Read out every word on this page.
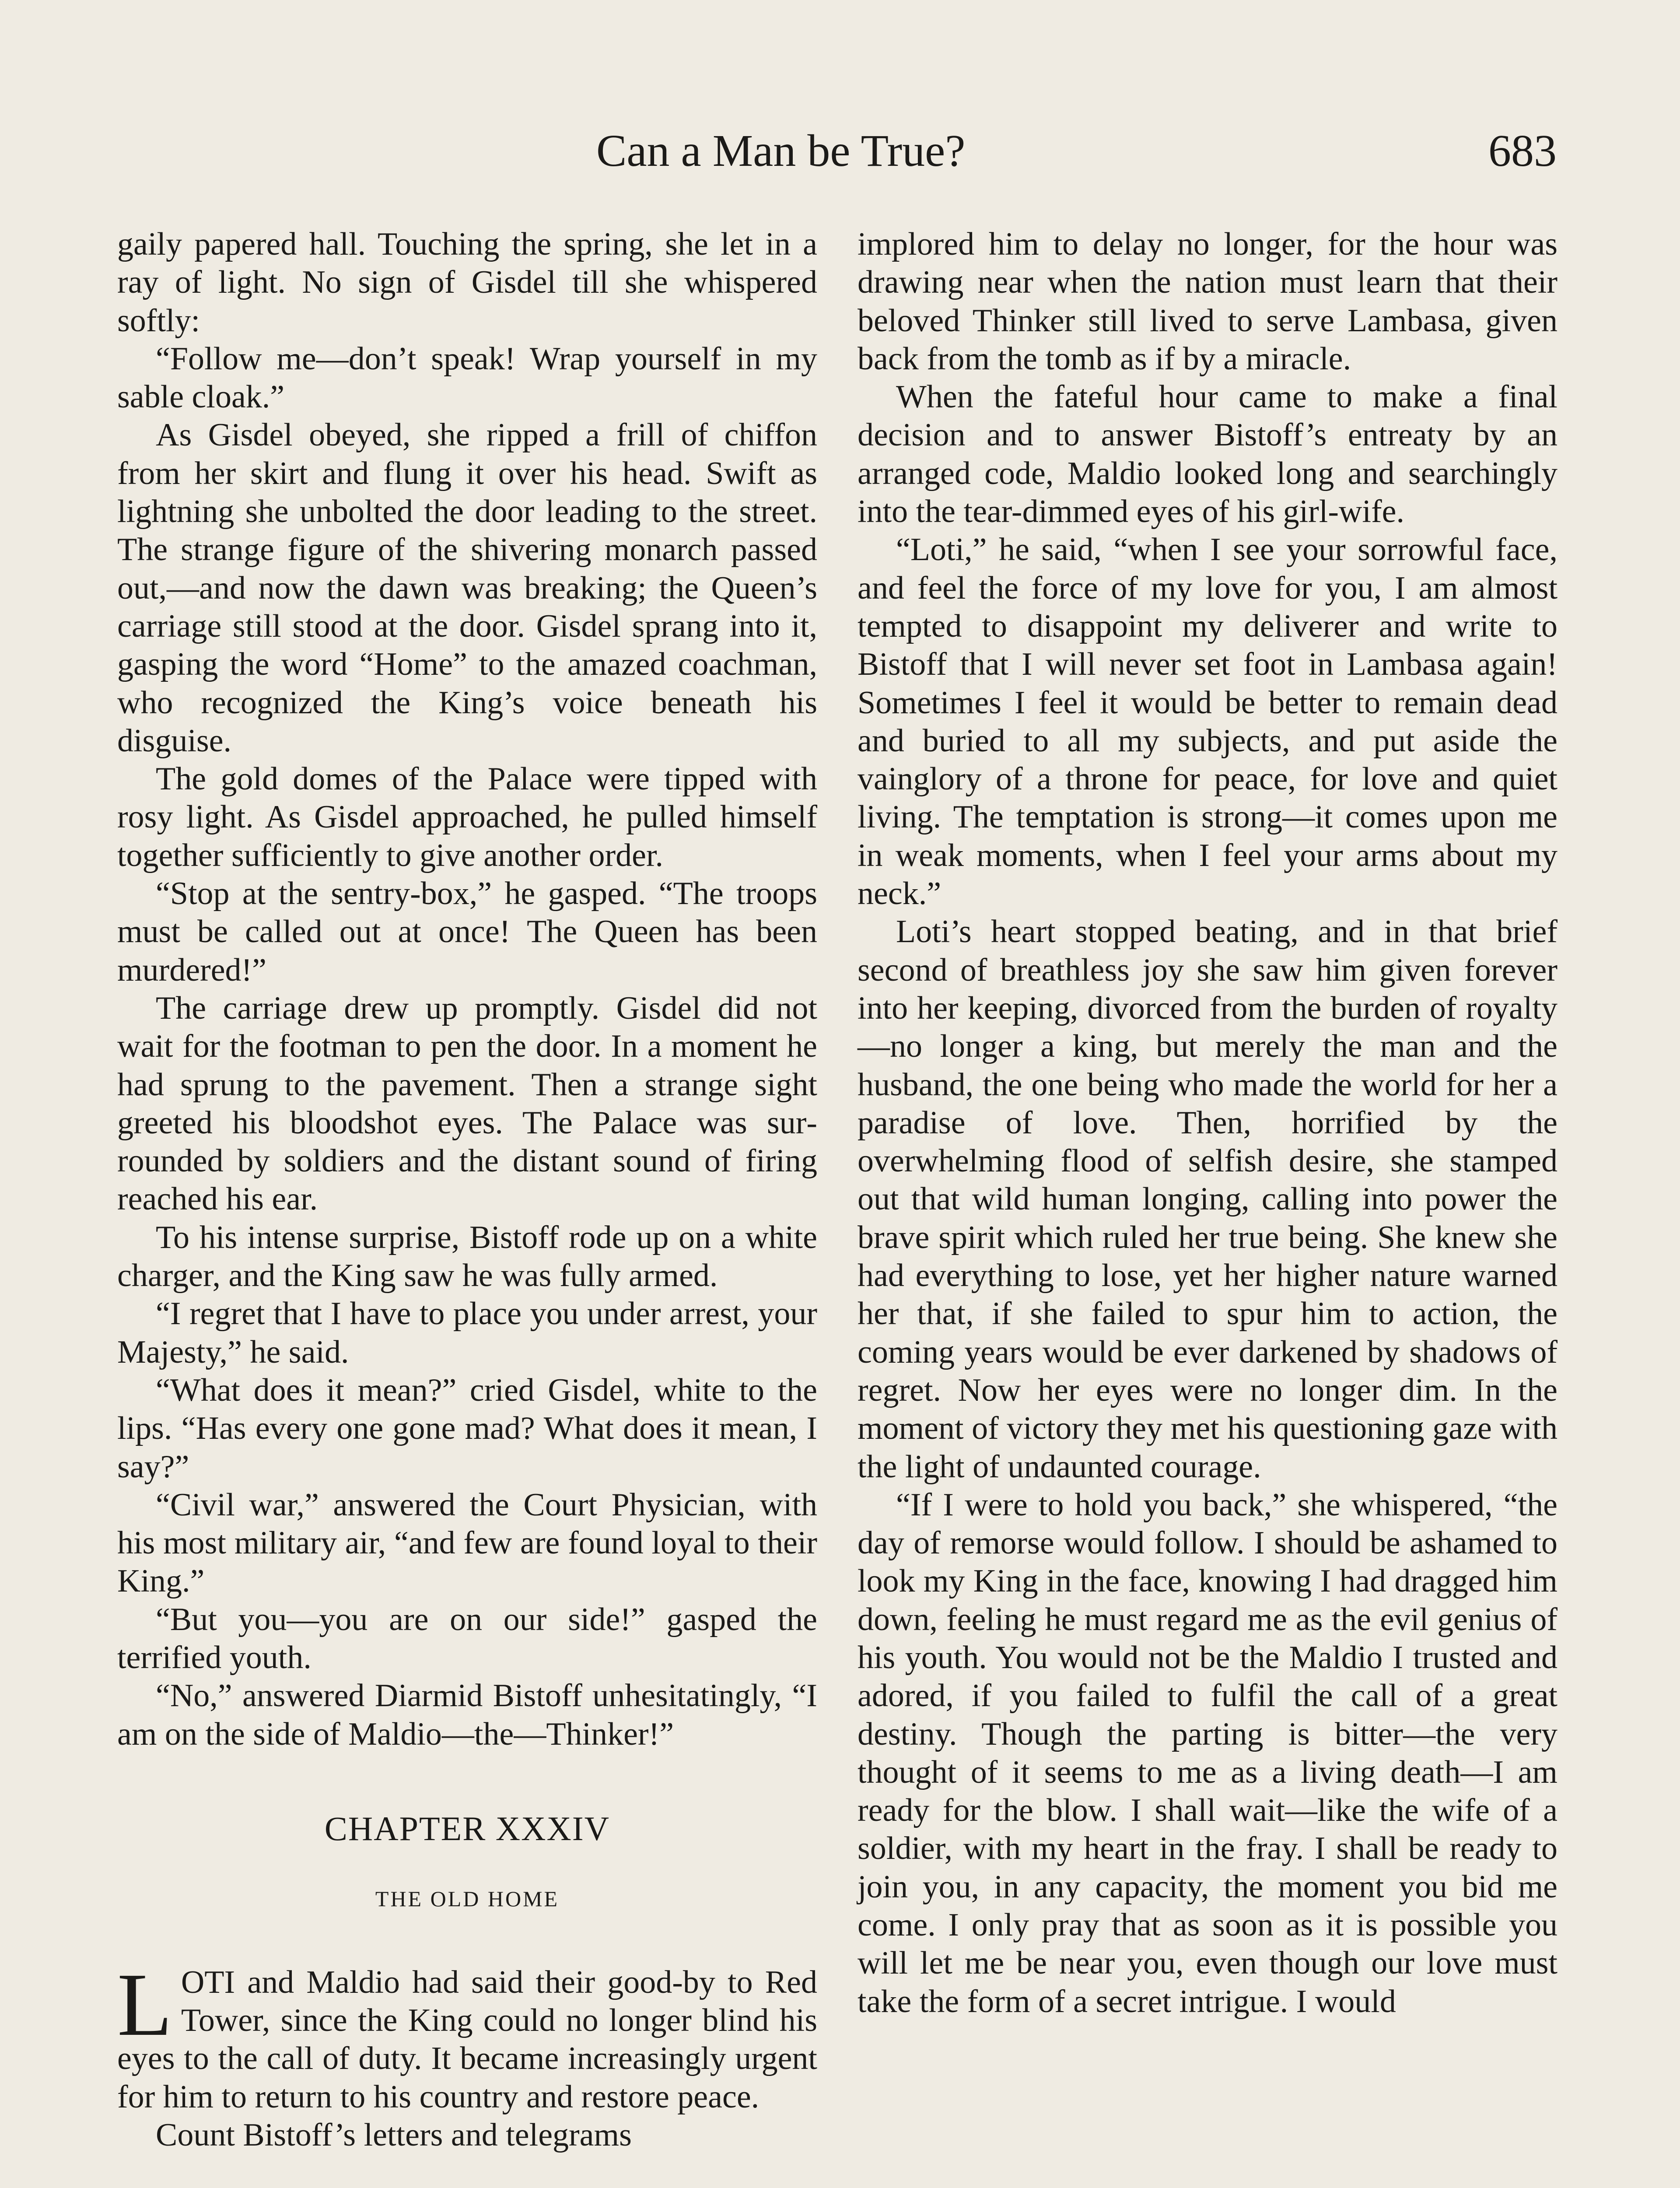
Can a Man be True?	683

gaily papered hall. Touching the spring, she let in a ray of light. No sign of Gisdel till she whispered softly:

“Follow me—don’t speak! Wrap yourself in my sable cloak.”

As Gisdel obeyed, she ripped a frill of chiffon from her skirt and flung it over his head. Swift as lightning she unbolted the door leading to the street. The strange figure of the shivering monarch passed out,—and now the dawn was breaking; the Queen’s carriage still stood at the door. Gisdel sprang into it, gasping the word “Home” to the amazed coachman, who recognized the King’s voice beneath his disguise.

The gold domes of the Palace were tipped with rosy light. As Gisdel approached, he pulled himself together sufficiently to give another order.

“Stop at the sentry-box,” he gasped. “The troops must be called out at once! The Queen has been murdered!”

The carriage drew up promptly. Gisdel did not wait for the footman to pen the door. In a moment he had sprung to the pavement. Then a strange sight greeted his bloodshot eyes. The Palace was surrounded by soldiers and the distant sound of firing reached his ear.

To his intense surprise, Bistoff rode up on a white charger, and the King saw he was fully armed.

“I regret that I have to place you under arrest, your Majesty,” he said.

“What does it mean?” cried Gisdel, white to the lips. “Has every one gone mad? What does it mean, I say?”

“Civil war,” answered the Court Physician, with his most military air, “and few are found loyal to their King.”

“But you—you are on our side!” gasped the terrified youth.

“No,” answered Diarmid Bistoff unhesitatingly, “I am on the side of Maldio—the—Thinker!”

CHAPTER XXXIV
THE OLD HOME

LOTI and Maldio had said their good-by to Red Tower, since the King could no longer blind his eyes to the call of duty. It became increasingly urgent for him to return to his country and restore peace.

Count Bistoff’s letters and telegrams

implored him to delay no longer, for the hour was drawing near when the nation must learn that their beloved Thinker still lived to serve Lambasa, given back from the tomb as if by a miracle.

When the fateful hour came to make a final decision and to answer Bistoff’s entreaty by an arranged code, Maldio looked long and searchingly into the tear-dimmed eyes of his girl-wife.

“Loti,” he said, “when I see your sorrowful face, and feel the force of my love for you, I am almost tempted to disappoint my deliverer and write to Bistoff that I will never set foot in Lambasa again! Sometimes I feel it would be better to remain dead and buried to all my subjects, and put aside the vainglory of a throne for peace, for love and quiet living. The temptation is strong—it comes upon me in weak moments, when I feel your arms about my neck.”

Loti’s heart stopped beating, and in that brief second of breathless joy she saw him given forever into her keeping, divorced from the burden of royalty—no longer a king, but merely the man and the husband, the one being who made the world for her a paradise of love. Then, horrified by the overwhelming flood of selfish desire, she stamped out that wild human longing, calling into power the brave spirit which ruled her true being. She knew she had everything to lose, yet her higher nature warned her that, if she failed to spur him to action, the coming years would be ever darkened by shadows of regret. Now her eyes were no longer dim. In the moment of victory they met his questioning gaze with the light of undaunted courage.

“If I were to hold you back,” she whispered, “the day of remorse would follow. I should be ashamed to look my King in the face, knowing I had dragged him down, feeling he must regard me as the evil genius of his youth. You would not be the Maldio I trusted and adored, if you failed to fulfil the call of a great destiny. Though the parting is bitter—the very thought of it seems to me as a living death—I am ready for the blow. I shall wait—like the wife of a soldier, with my heart in the fray. I shall be ready to join you, in any capacity, the moment you bid me come. I only pray that as soon as it is possible you will let me be near you, even though our love must take the form of a secret intrigue. I would
